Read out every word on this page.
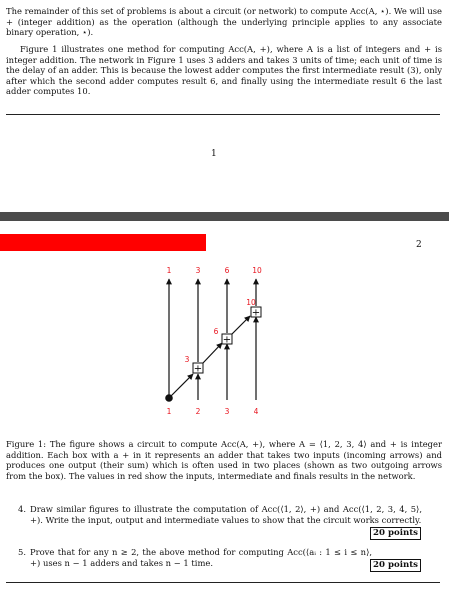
The remainder of this set of problems is about a circuit (or network) to compute Acc(A, ⋆). We will use + (integer addition) as the operation (although the underlying principle applies to any associate binary operation, ⋆).
Figure 1 illustrates one method for computing Acc(A, +), where A is a list of integers and + is integer addition. The network in Figure 1 uses 3 adders and takes 3 units of time; each unit of time is the delay of an adder. This is because the lowest adder computes the first intermediate result (3), only after which the second adder computes result 6, and finally using the intermediate result 6 the last adder computes 10.
1
2
+
+
+
1	3	6	10
3
6
10
1	2	3	4
Figure 1: The figure shows a circuit to compute Acc(A, +), where A = ⟨1, 2, 3, 4⟩ and + is integer addition. Each box with a + in it represents an adder that takes two inputs (incoming arrows) and produces one output (their sum) which is often used in two places (shown as two outgoing arrows from the box). The values in red show the inputs, intermediate and finals results in the network.
4. Draw similar figures to illustrate the computation of Acc(⟨1, 2⟩, +) and Acc(⟨1, 2, 3, 4, 5⟩, +). Write the input, output and intermediate values to show that the circuit works correctly.
20 points
5. Prove that for any n ≥ 2, the above method for computing Acc(⟨aᵢ : 1 ≤ i ≤ n⟩, +) uses n − 1 adders and takes n − 1 time.	20 points
